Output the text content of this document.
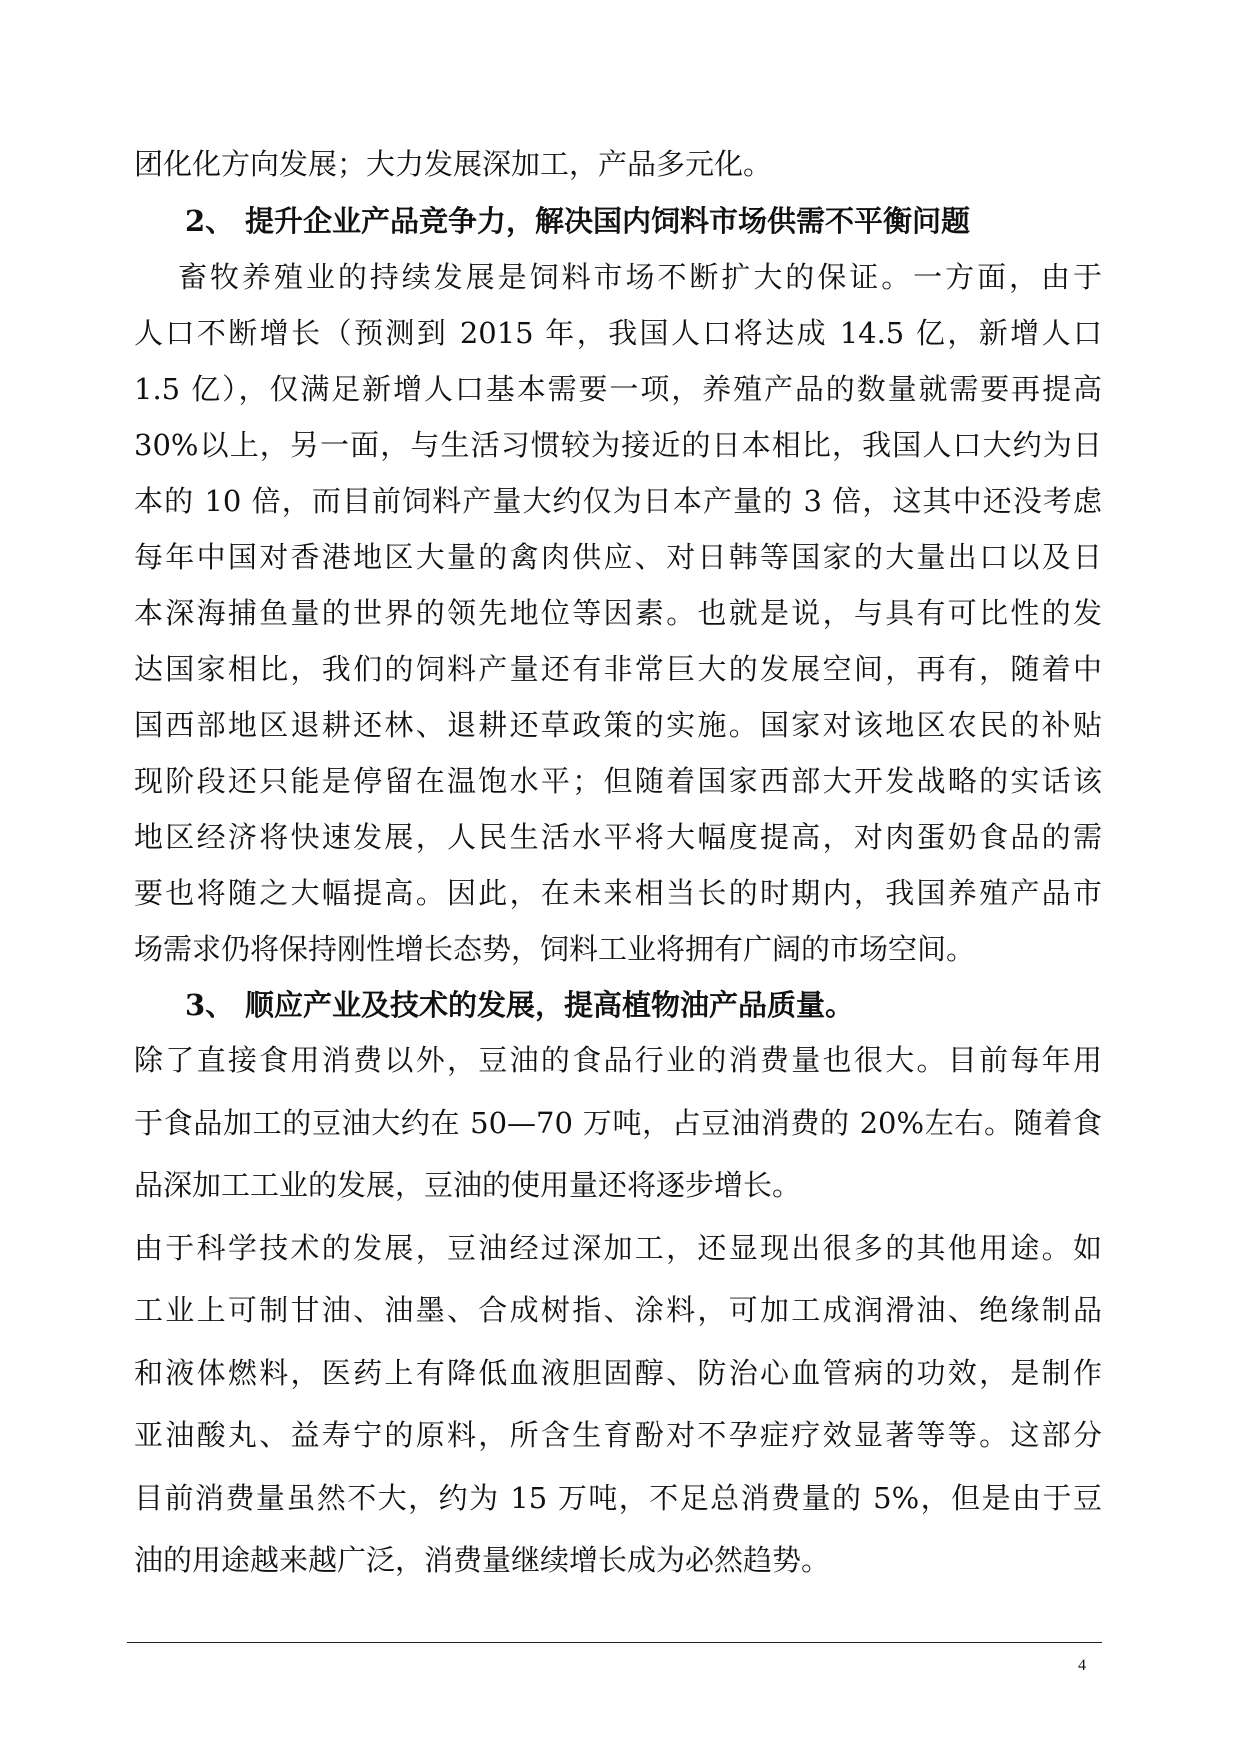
团化化方向发展；大力发展深加工，产品多元化。
2、 提升企业产品竞争力，解决国内饲料市场供需不平衡问题
畜牧养殖业的持续发展是饲料市场不断扩大的保证。一方面，由于
人口不断增长（预测到 2015 年，我国人口将达成 14.5 亿，新增人口
1.5 亿），仅满足新增人口基本需要一项，养殖产品的数量就需要再提高
30%以上，另一面，与生活习惯较为接近的日本相比，我国人口大约为日
本的 10 倍，而目前饲料产量大约仅为日本产量的 3 倍，这其中还没考虑
每年中国对香港地区大量的禽肉供应、对日韩等国家的大量出口以及日
本深海捕鱼量的世界的领先地位等因素。也就是说，与具有可比性的发
达国家相比，我们的饲料产量还有非常巨大的发展空间，再有，随着中
国西部地区退耕还林、退耕还草政策的实施。国家对该地区农民的补贴
现阶段还只能是停留在温饱水平；但随着国家西部大开发战略的实话该
地区经济将快速发展，人民生活水平将大幅度提高，对肉蛋奶食品的需
要也将随之大幅提高。因此，在未来相当长的时期内，我国养殖产品市
场需求仍将保持刚性增长态势，饲料工业将拥有广阔的市场空间。
3、 顺应产业及技术的发展，提高植物油产品质量。
除了直接食用消费以外，豆油的食品行业的消费量也很大。目前每年用
于食品加工的豆油大约在 50—70 万吨，占豆油消费的 20%左右。随着食
品深加工工业的发展，豆油的使用量还将逐步增长。
由于科学技术的发展，豆油经过深加工，还显现出很多的其他用途。如
工业上可制甘油、油墨、合成树指、涂料，可加工成润滑油、绝缘制品
和液体燃料，医药上有降低血液胆固醇、防治心血管病的功效，是制作
亚油酸丸、益寿宁的原料，所含生育酚对不孕症疗效显著等等。这部分
目前消费量虽然不大，约为 15 万吨，不足总消费量的 5%，但是由于豆
油的用途越来越广泛，消费量继续增长成为必然趋势。
4
